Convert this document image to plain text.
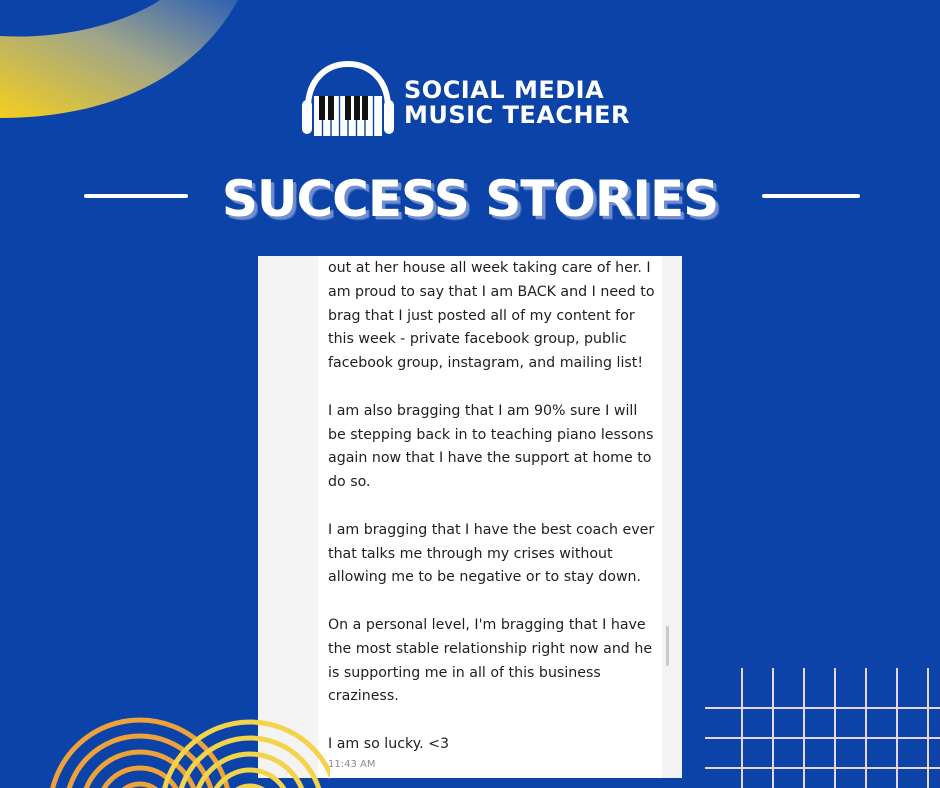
SOCIAL MEDIA
MUSIC TEACHER
SUCCESS STORIES

out at her house all week taking care of her. I am proud to say that I am BACK and I need to brag that I just posted all of my content for this week - private facebook group, public facebook group, instagram, and mailing list!

I am also bragging that I am 90% sure I will be stepping back in to teaching piano lessons again now that I have the support at home to do so.

I am bragging that I have the best coach ever that talks me through my crises without allowing me to be negative or to stay down.

On a personal level, I'm bragging that I have the most stable relationship right now and he is supporting me in all of this business craziness.

I am so lucky. <3

11:43 AM
